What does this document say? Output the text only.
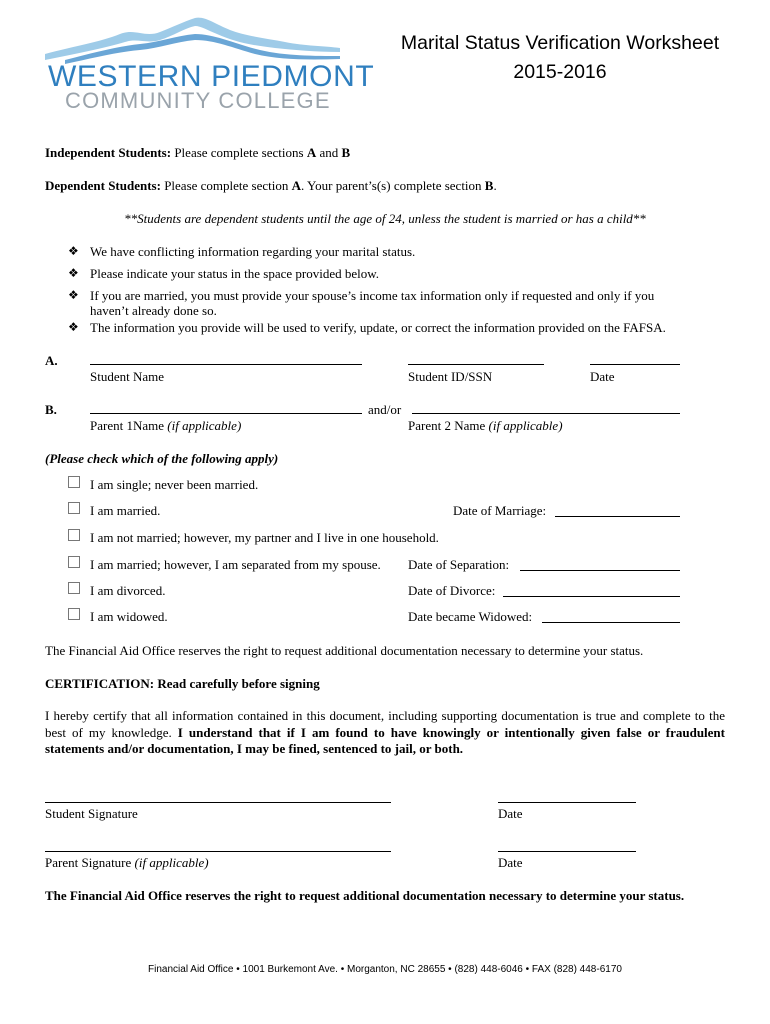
WESTERN PIEDMONT
COMMUNITY COLLEGE
Marital Status Verification Worksheet
2015-2016
Independent Students: Please complete sections A and B
Dependent Students: Please complete section A. Your parent’s(s) complete section B.
**Students are dependent students until the age of 24, unless the student is married or has a child**
❖ We have conflicting information regarding your marital status.
❖ Please indicate your status in the space provided below.
❖ If you are married, you must provide your spouse’s income tax information only if requested and only if you
haven’t already done so.
❖ The information you provide will be used to verify, update, or correct the information provided on the FAFSA.
A.
Student Name	Student ID/SSN	Date
B.	and/or
Parent 1Name (if applicable)	Parent 2 Name (if applicable)
(Please check which of the following apply)
I am single; never been married.
I am married.	Date of Marriage:
I am not married; however, my partner and I live in one household.
I am married; however, I am separated from my spouse. Date of Separation:
I am divorced.	Date of Divorce:
I am widowed.	Date became Widowed:
The Financial Aid Office reserves the right to request additional documentation necessary to determine your status.
CERTIFICATION: Read carefully before signing
I hereby certify that all information contained in this document, including supporting documentation is true and complete to the best of my knowledge. I understand that if I am found to have knowingly or intentionally given false or fraudulent statements and/or documentation, I may be fined, sentenced to jail, or both.
Student Signature	Date
Parent Signature (if applicable)	Date
The Financial Aid Office reserves the right to request additional documentation necessary to determine your status.
Financial Aid Office • 1001 Burkemont Ave. • Morganton, NC 28655 • (828) 448-6046 • FAX (828) 448-6170
